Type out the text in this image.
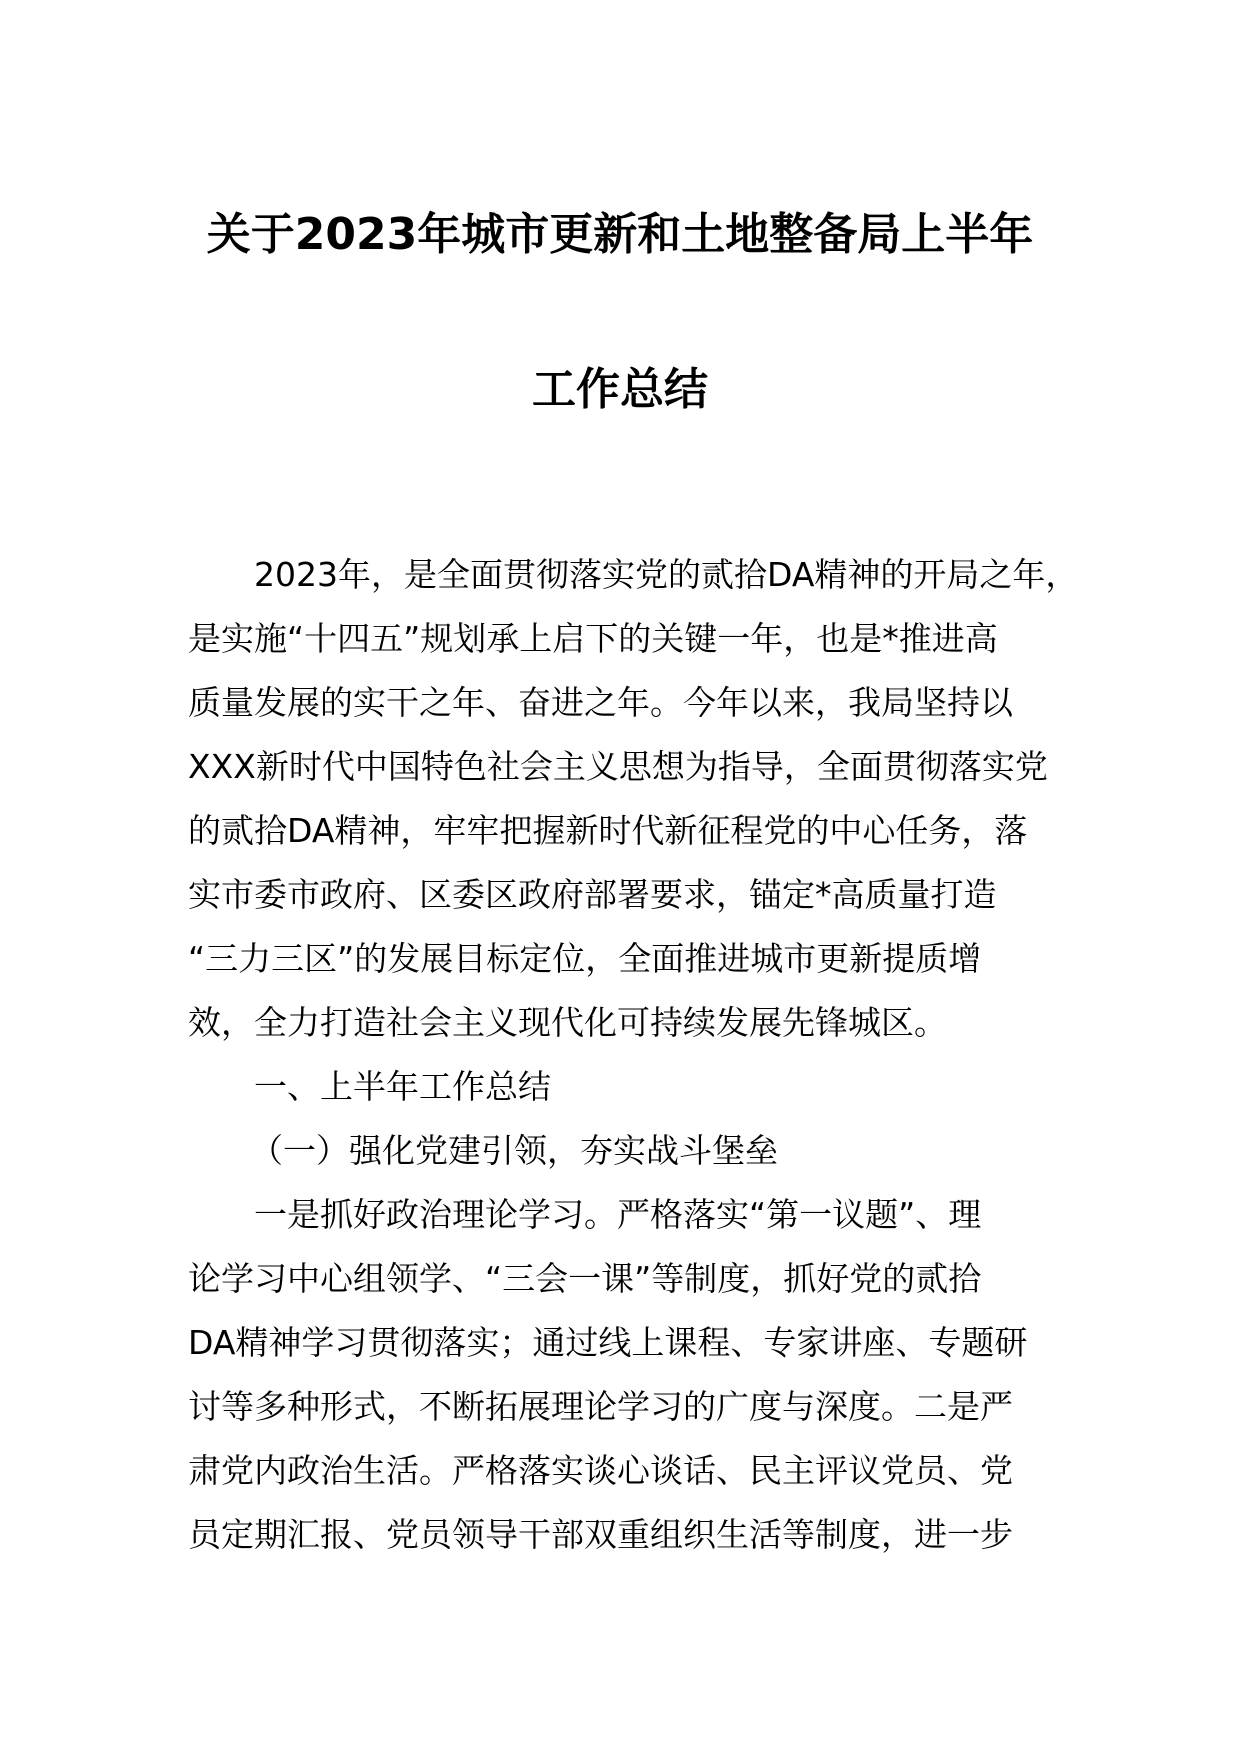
关于2023年城市更新和土地整备局上半年
工作总结
2023年，是全面贯彻落实党的贰拾DA精神的开局之年，
是实施“十四五”规划承上启下的关键一年，也是*推进高
质量发展的实干之年、奋进之年。今年以来，我局坚持以
XXX新时代中国特色社会主义思想为指导，全面贯彻落实党
的贰拾DA精神，牢牢把握新时代新征程党的中心任务，落
实市委市政府、区委区政府部署要求，锚定*高质量打造
“三力三区”的发展目标定位，全面推进城市更新提质增
效，全力打造社会主义现代化可持续发展先锋城区。
一、上半年工作总结
（一）强化党建引领，夯实战斗堡垒
一是抓好政治理论学习。严格落实“第一议题”、理
论学习中心组领学、“三会一课”等制度，抓好党的贰拾
DA精神学习贯彻落实；通过线上课程、专家讲座、专题研
讨等多种形式，不断拓展理论学习的广度与深度。二是严
肃党内政治生活。严格落实谈心谈话、民主评议党员、党
员定期汇报、党员领导干部双重组织生活等制度，进一步
